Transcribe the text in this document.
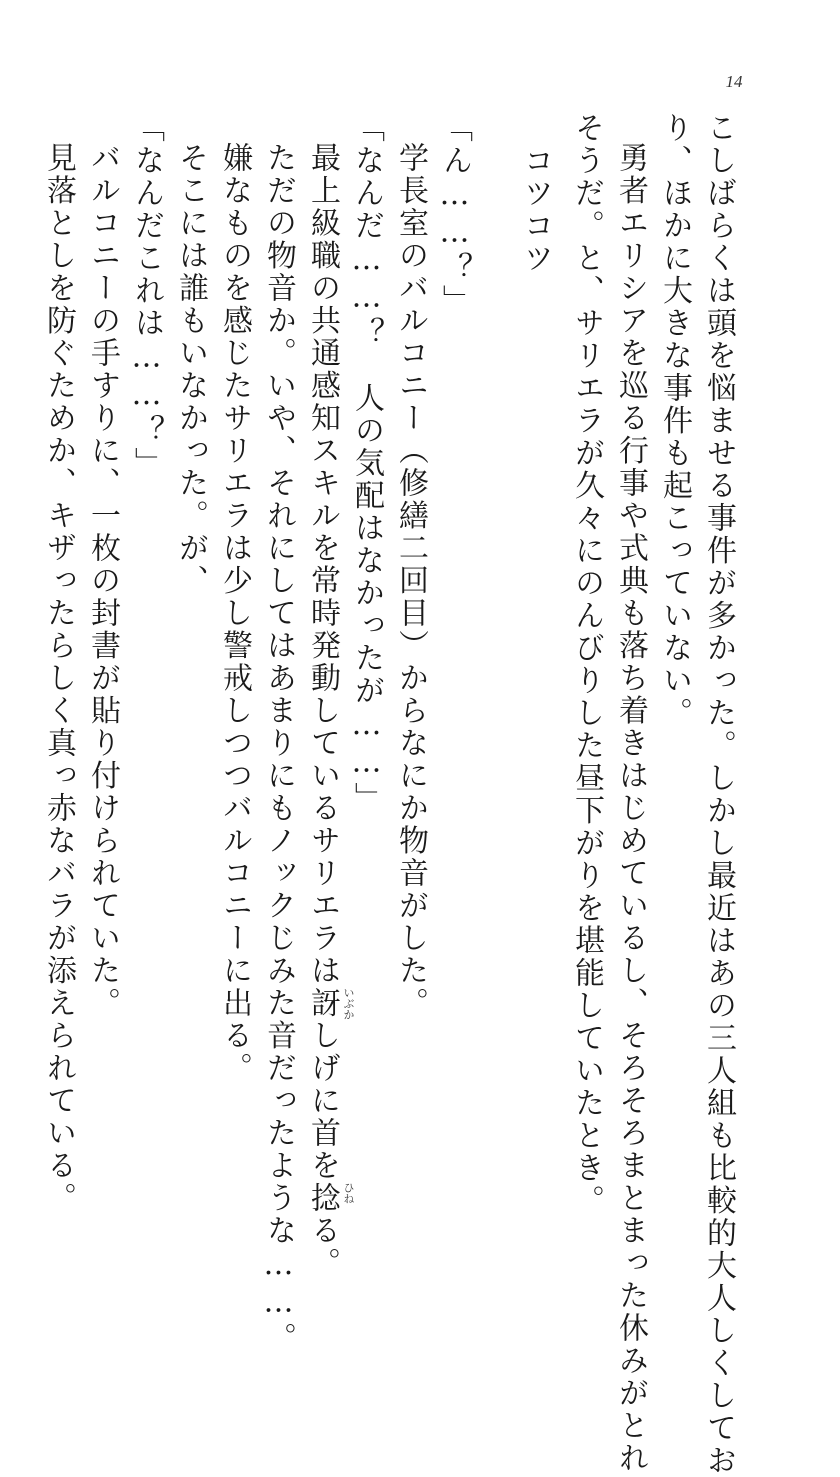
14
こしばらくは頭を悩ませる事件が多かった。しかし最近はあの三人組も比較的大人しくしてお
り、ほかに大きな事件も起こっていない。
勇者エリシアを巡る行事や式典も落ち着きはじめているし、そろそろまとまった休みがとれ
そうだ。と、サリエラが久々にのんびりした昼下がりを堪能していたとき。
コツコツ
「ん……？」
学長室のバルコニー（修繕二回目）からなにか物音がした。
「なんだ……？　人の気配はなかったが……」
最上級職の共通感知スキルを常時発動しているサリエラは訝 いぶか
しげに首を捻 ひね
る。
ただの物音か。いや、それにしてはあまりにもノックじみた音だったような……。
嫌なものを感じたサリエラは少し警戒しつつバルコニーに出る。
そこには誰もいなかった。が、
「なんだこれは……？」
バルコニーの手すりに、一枚の封書が貼り付けられていた。
見落としを防ぐためか、キザったらしく真っ赤なバラが添えられている。
